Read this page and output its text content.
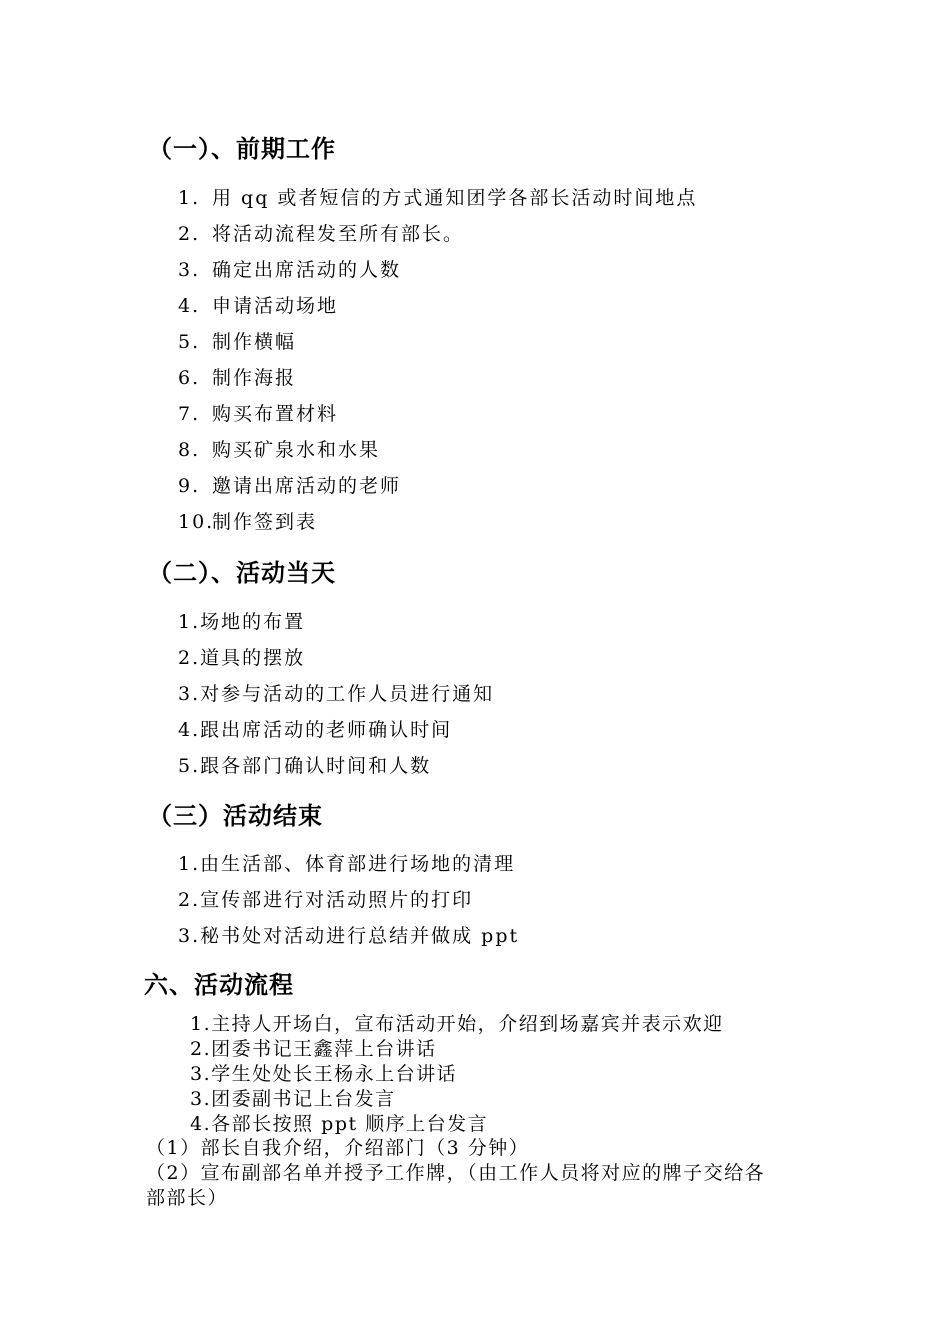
（一）、前期工作
1. 用 qq 或者短信的方式通知团学各部长活动时间地点
2. 将活动流程发至所有部长。
3. 确定出席活动的人数
4. 申请活动场地
5. 制作横幅
6. 制作海报
7. 购买布置材料
8. 购买矿泉水和水果
9. 邀请出席活动的老师
10.制作签到表
（二）、活动当天
1.场地的布置
2.道具的摆放
3.对参与活动的工作人员进行通知
4.跟出席活动的老师确认时间
5.跟各部门确认时间和人数
（三）活动结束
1.由生活部、体育部进行场地的清理
2.宣传部进行对活动照片的打印
3.秘书处对活动进行总结并做成 ppt
六、活动流程
1.主持人开场白，宣布活动开始，介绍到场嘉宾并表示欢迎
2.团委书记王鑫萍上台讲话
3.学生处处长王杨永上台讲话
3.团委副书记上台发言
4.各部长按照 ppt 顺序上台发言
（1）部长自我介绍，介绍部门（3 分钟）
（2）宣布副部名单并授予工作牌，（由工作人员将对应的牌子交给各
部部长）
